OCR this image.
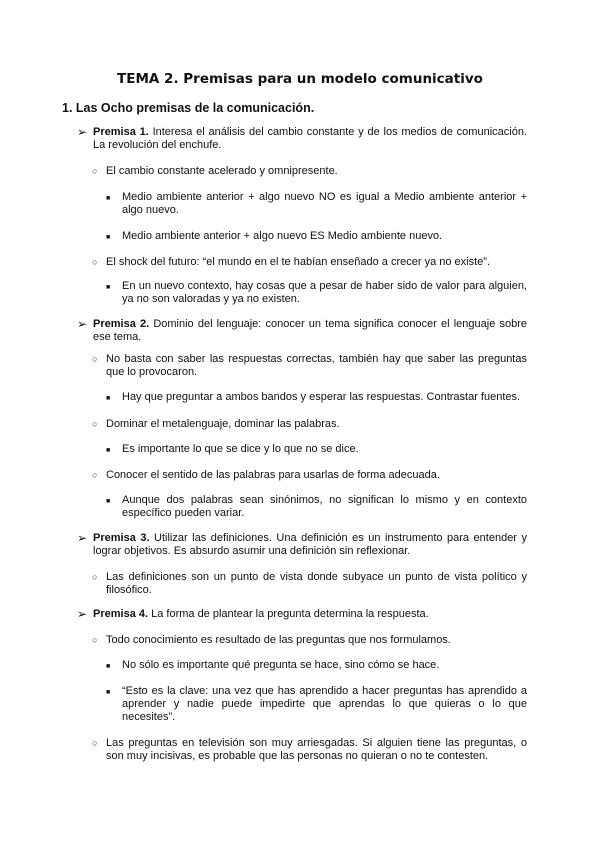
TEMA 2. Premisas para un modelo comunicativo
1. Las Ocho premisas de la comunicación.
➢ Premisa 1. Interesa el análisis del cambio constante y de los medios de comunicación. La revolución del enchufe.
○ El cambio constante acelerado y omnipresente.
■ Medio ambiente anterior + algo nuevo NO es igual a Medio ambiente anterior + algo nuevo.
■ Medio ambiente anterior + algo nuevo ES Medio ambiente nuevo.
○ El shock del futuro: “el mundo en el te habían enseñado a crecer ya no existe”.
■ En un nuevo contexto, hay cosas que a pesar de haber sido de valor para alguien, ya no son valoradas y ya no existen.
➢ Premisa 2. Dominio del lenguaje: conocer un tema significa conocer el lenguaje sobre ese tema.
○ No basta con saber las respuestas correctas, también hay que saber las preguntas que lo provocaron.
■ Hay que preguntar a ambos bandos y esperar las respuestas. Contrastar fuentes.
○ Dominar el metalenguaje, dominar las palabras.
■ Es importante lo que se dice y lo que no se dice.
○ Conocer el sentido de las palabras para usarlas de forma adecuada.
■ Aunque dos palabras sean sinónimos, no significan lo mismo y en contexto específico pueden variar.
➢ Premisa 3. Utilizar las definiciones. Una definición es un instrumento para entender y lograr objetivos. Es absurdo asumir una definición sin reflexionar.
○ Las definiciones son un punto de vista donde subyace un punto de vista político y filosófico.
➢ Premisa 4. La forma de plantear la pregunta determina la respuesta.
○ Todo conocimiento es resultado de las preguntas que nos formulamos.
■ No sólo es importante qué pregunta se hace, sino cómo se hace.
■ “Esto es la clave: una vez que has aprendido a hacer preguntas has aprendido a aprender y nadie puede impedirte que aprendas lo que quieras o lo que necesites”.
○ Las preguntas en televisión son muy arriesgadas. Si alguien tiene las preguntas, o son muy incisivas, es probable que las personas no quieran o no te contesten.
